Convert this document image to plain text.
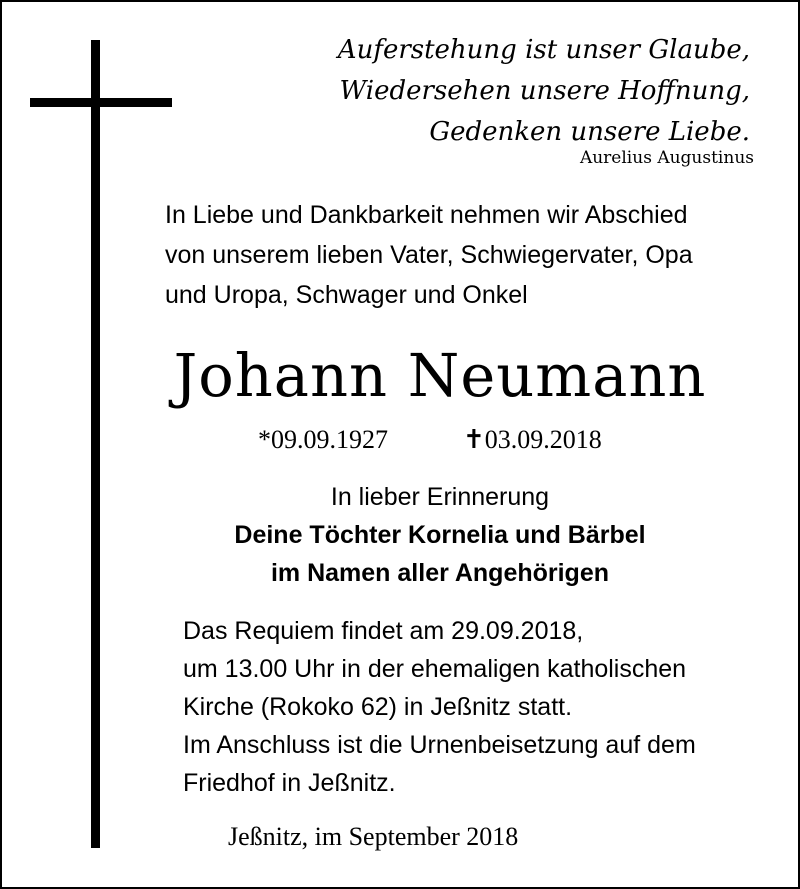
Auferstehung ist unser Glaube,
Wiedersehen unsere Hoffnung,
Gedenken unsere Liebe.
Aurelius Augustinus
In Liebe und Dankbarkeit nehmen wir Abschied
von unserem lieben Vater, Schwiegervater, Opa
und Uropa, Schwager und Onkel
Johann Neumann
*09.09.1927	✝03.09.2018
In lieber Erinnerung
Deine Töchter Kornelia und Bärbel
im Namen aller Angehörigen
Das Requiem findet am 29.09.2018,
um 13.00 Uhr in der ehemaligen katholischen
Kirche (Rokoko 62) in Jeßnitz statt.
Im Anschluss ist die Urnenbeisetzung auf dem
Friedhof in Jeßnitz.
Jeßnitz, im September 2018
